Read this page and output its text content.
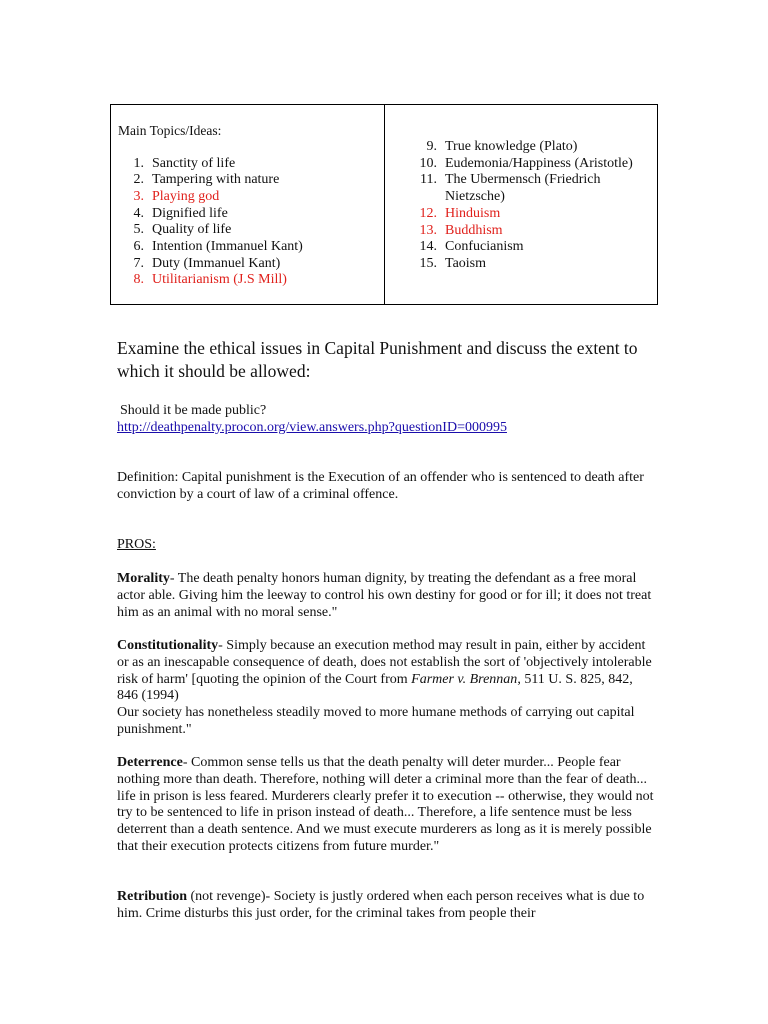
Main Topics/Ideas:
1. Sanctity of life
2. Tampering with nature
3. Playing god
4. Dignified life
5. Quality of life
6. Intention (Immanuel Kant)
7. Duty (Immanuel Kant)
8. Utilitarianism (J.S Mill)
9. True knowledge (Plato)
10. Eudemonia/Happiness (Aristotle)
11. The Ubermensch (Friedrich Nietzsche)
12. Hinduism
13. Buddhism
14. Confucianism
15. Taoism
Examine the ethical issues in Capital Punishment and discuss the extent to which it should be allowed:

Should it be made public?

http://deathpenalty.procon.org/view.answers.php?questionID=000995

Definition: Capital punishment is the Execution of an offender who is sentenced to death after conviction by a court of law of a criminal offence.

PROS:

Morality- The death penalty honors human dignity, by treating the defendant as a free moral actor able. Giving him the leeway to control his own destiny for good or for ill; it does not treat him as an animal with no moral sense."

Constitutionality- Simply because an execution method may result in pain, either by accident or as an inescapable consequence of death, does not establish the sort of 'objectively intolerable risk of harm' [quoting the opinion of the Court from Farmer v. Brennan, 511 U. S. 825, 842, 846 (1994)

Our society has nonetheless steadily moved to more humane methods of carrying out capital punishment."

Deterrence- Common sense tells us that the death penalty will deter murder... People fear nothing more than death. Therefore, nothing will deter a criminal more than the fear of death... life in prison is less feared. Murderers clearly prefer it to execution -- otherwise, they would not try to be sentenced to life in prison instead of death... Therefore, a life sentence must be less deterrent than a death sentence. And we must execute murderers as long as it is merely possible that their execution protects citizens from future murder."

Retribution (not revenge)- Society is justly ordered when each person receives what is due to him. Crime disturbs this just order, for the criminal takes from people their
